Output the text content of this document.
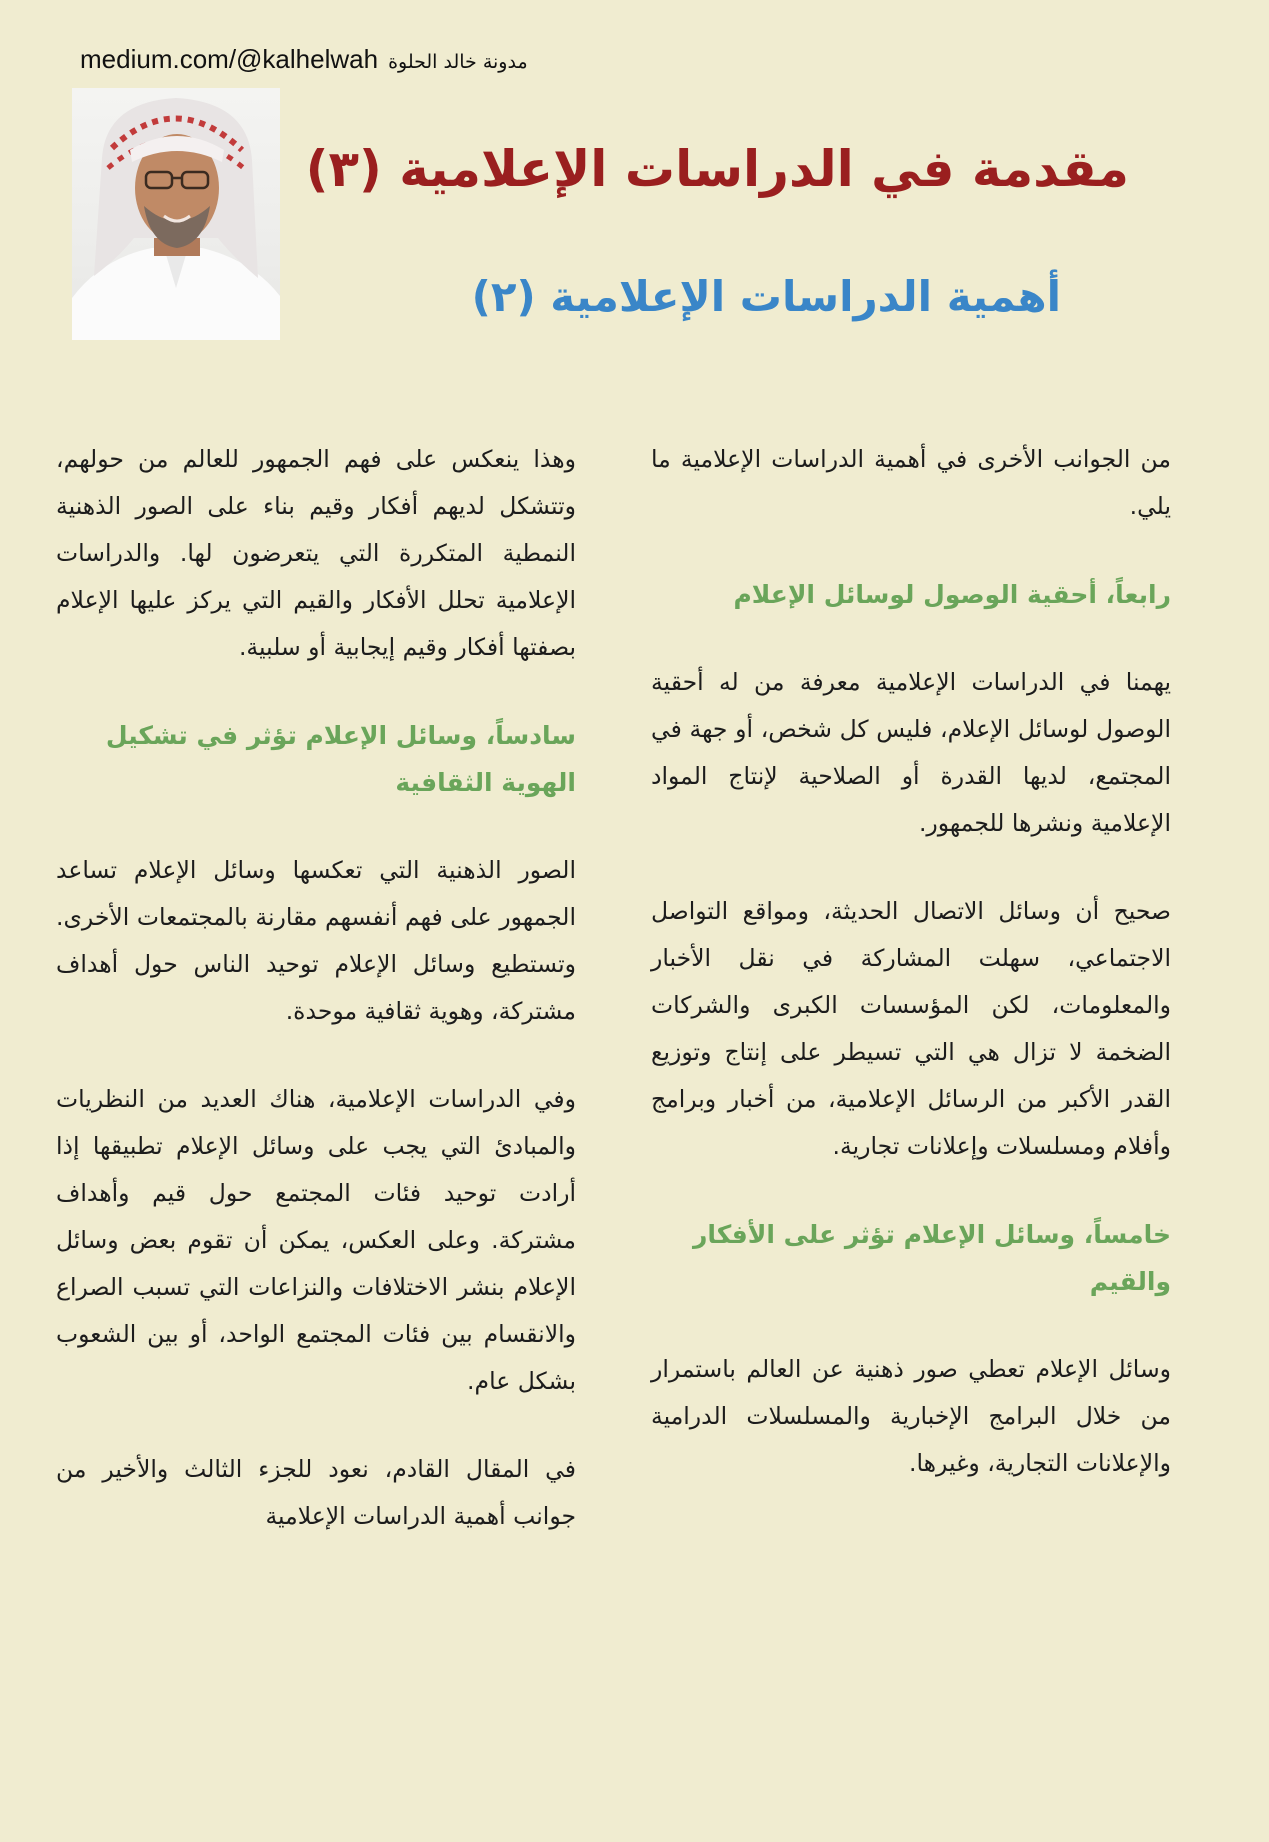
medium.com/@kalhelwah مدونة خالد الحلوة
مقدمة في الدراسات الإعلامية (٣)
أهمية الدراسات الإعلامية (٢)

من الجوانب الأخرى في أهمية الدراسات الإعلامية ما يلي.

رابعاً، أحقية الوصول لوسائل الإعلام

يهمنا في الدراسات الإعلامية معرفة من له أحقية الوصول لوسائل الإعلام، فليس كل شخص، أو جهة في المجتمع، لديها القدرة أو الصلاحية لإنتاج المواد الإعلامية ونشرها للجمهور.

صحيح أن وسائل الاتصال الحديثة، ومواقع التواصل الاجتماعي، سهلت المشاركة في نقل الأخبار والمعلومات، لكن المؤسسات الكبرى والشركات الضخمة لا تزال هي التي تسيطر على إنتاج وتوزيع القدر الأكبر من الرسائل الإعلامية، من أخبار وبرامج وأفلام ومسلسلات وإعلانات تجارية.

خامساً، وسائل الإعلام تؤثر على الأفكار والقيم

وسائل الإعلام تعطي صور ذهنية عن العالم باستمرار من خلال البرامج الإخبارية والمسلسلات الدرامية والإعلانات التجارية، وغيرها.

وهذا ينعكس على فهم الجمهور للعالم من حولهم، وتتشكل لديهم أفكار وقيم بناء على الصور الذهنية النمطية المتكررة التي يتعرضون لها. والدراسات الإعلامية تحلل الأفكار والقيم التي يركز عليها الإعلام بصفتها أفكار وقيم إيجابية أو سلبية.

سادساً، وسائل الإعلام تؤثر في تشكيل الهوية الثقافية

الصور الذهنية التي تعكسها وسائل الإعلام تساعد الجمهور على فهم أنفسهم مقارنة بالمجتمعات الأخرى. وتستطيع وسائل الإعلام توحيد الناس حول أهداف مشتركة، وهوية ثقافية موحدة.

وفي الدراسات الإعلامية، هناك العديد من النظريات والمبادئ التي يجب على وسائل الإعلام تطبيقها إذا أرادت توحيد فئات المجتمع حول قيم وأهداف مشتركة. وعلى العكس، يمكن أن تقوم بعض وسائل الإعلام بنشر الاختلافات والنزاعات التي تسبب الصراع والانقسام بين فئات المجتمع الواحد، أو بين الشعوب بشكل عام.

في المقال القادم، نعود للجزء الثالث والأخير من جوانب أهمية الدراسات الإعلامية
